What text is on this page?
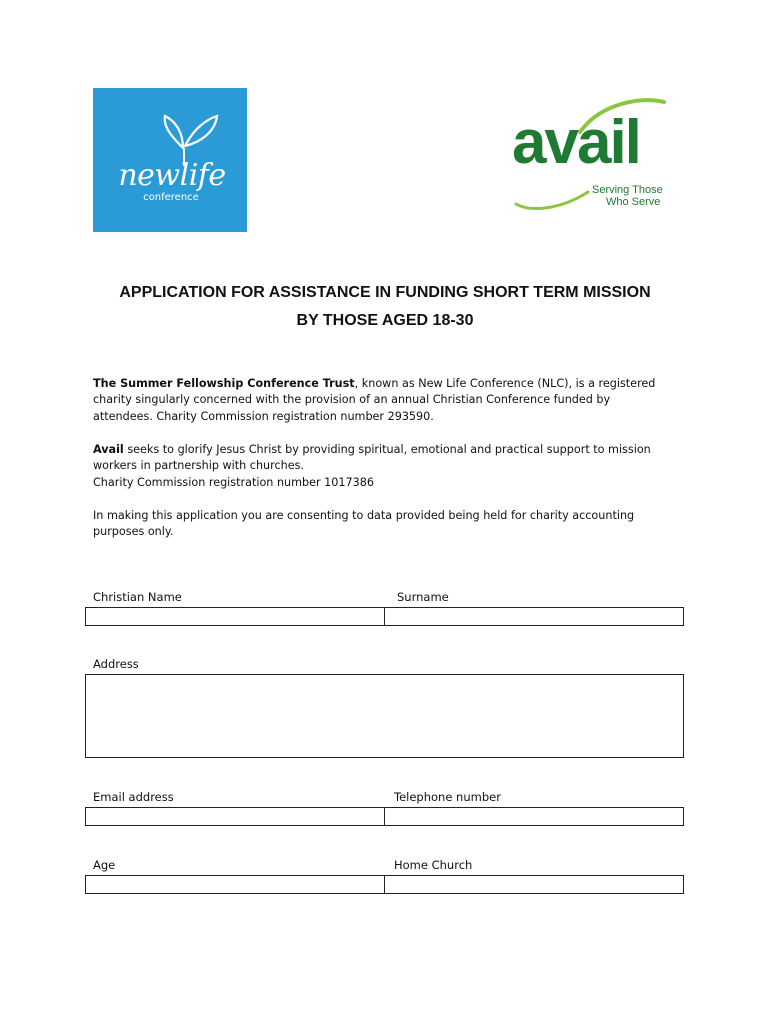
newlife
conference
avail
Serving Those
Who Serve
APPLICATION FOR ASSISTANCE IN FUNDING SHORT TERM MISSION
BY THOSE AGED 18-30
The Summer Fellowship Conference Trust, known as New Life Conference (NLC), is a registered
charity singularly concerned with the provision of an annual Christian Conference funded by
attendees. Charity Commission registration number 293590.
Avail seeks to glorify Jesus Christ by providing spiritual, emotional and practical support to mission
workers in partnership with churches.
Charity Commission registration number 1017386
In making this application you are consenting to data provided being held for charity accounting
purposes only.
Christian Name	Surname
Address
Email address	Telephone number
Age	Home Church
